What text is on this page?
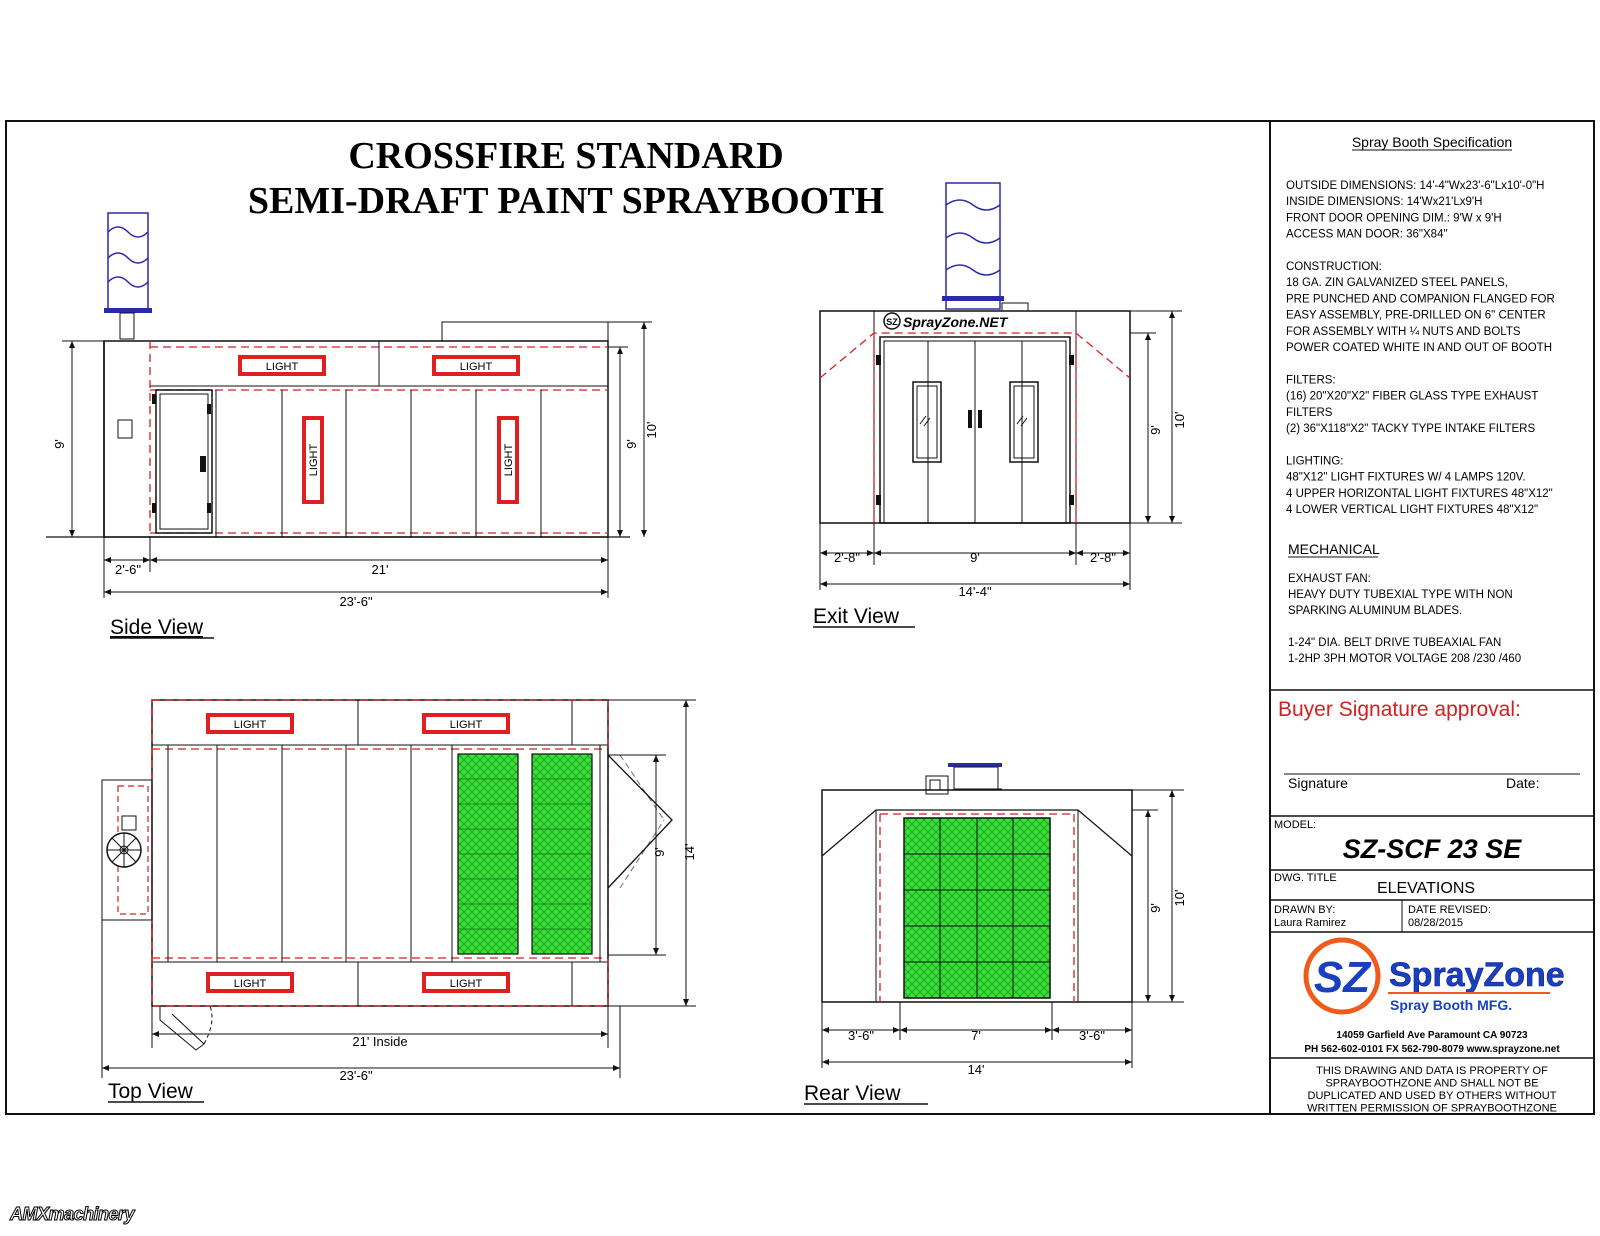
CROSSFIRE STANDARD
SEMI-DRAFT PAINT SPRAYBOOTH
LIGHT	LIGHT
LIGHT	LIGHT
9'	9'
10'
2'-6"	21'
23'-6"
Side View
SZ SprayZone.NET
9'
10'
2'-8"	9'	2'-8"
14'-4"
Exit View
LIGHT	LIGHT
LIGHT	LIGHT
9' 14'
21' Inside
23'-6"
Top View
9'
10'
3'-6"	7'	3'-6"
14'
Rear View
Spray Booth Specification
OUTSIDE DIMENSIONS: 14'-4"Wx23'-6"Lx10'-0"H
INSIDE DIMENSIONS: 14'Wx21'Lx9'H
FRONT DOOR OPENING DIM.: 9'W x 9'H
ACCESS MAN DOOR: 36"X84"
CONSTRUCTION:
18 GA. ZIN GALVANIZED STEEL PANELS,
PRE PUNCHED AND COMPANION FLANGED FOR
EASY ASSEMBLY, PRE-DRILLED ON 6" CENTER
FOR ASSEMBLY WITH ¼ NUTS AND BOLTS
POWER COATED WHITE IN AND OUT OF BOOTH
FILTERS:
(16) 20"X20"X2" FIBER GLASS TYPE EXHAUST
FILTERS
(2) 36"X118"X2" TACKY TYPE INTAKE FILTERS
LIGHTING:
48"X12" LIGHT FIXTURES W/ 4 LAMPS 120V.
4 UPPER HORIZONTAL LIGHT FIXTURES 48"X12"
4 LOWER VERTICAL LIGHT FIXTURES 48"X12"
MECHANICAL
EXHAUST FAN:
HEAVY DUTY TUBEXIAL TYPE WITH NON
SPARKING ALUMINUM BLADES.
1-24" DIA. BELT DRIVE TUBEAXIAL FAN
1-2HP 3PH MOTOR VOLTAGE 208 /230 /460
Buyer Signature approval:
Signature	Date:
MODEL:
SZ-SCF 23 SE
DWG. TITLE
ELEVATIONS
DRAWN BY:
Laura Ramirez
DATE REVISED:
08/28/2015
SZ SprayZone
Spray Booth MFG.
14059 Garfield Ave Paramount CA 90723
PH 562-602-0101 FX 562-790-8079 www.sprayzone.net
THIS DRAWING AND DATA IS PROPERTY OF
SPRAYBOOTHZONE AND SHALL NOT BE
DUPLICATED AND USED BY OTHERS WITHOUT
WRITTEN PERMISSION OF SPRAYBOOTHZONE
AMXmachinery
